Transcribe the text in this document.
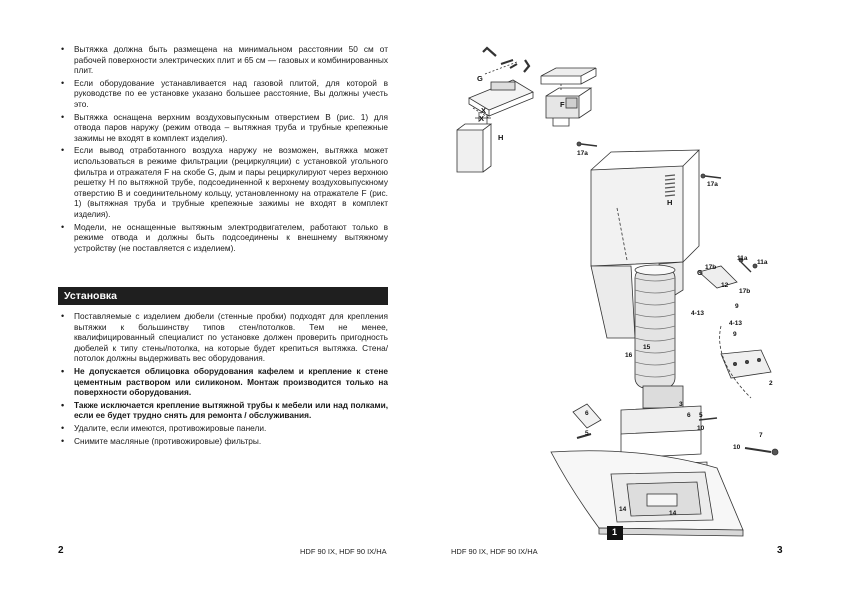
• Вытяжка должна быть размещена на минимальном расстоянии 50 см от рабочей поверхности электрических плит и 65 см — газовых и комбинированных плит.
• Если оборудование устанавливается над газовой плитой, для которой в руководстве по ее установке указано большее расстояние, Вы должны учесть это.
• Вытяжка оснащена верхним воздуховыпускным отверстием B (рис. 1) для отвода паров наружу (режим отвода – вытяжная труба и трубные крепежные зажимы не входят в комплект изделия).
• Если вывод отработанного воздуха наружу не возможен, вытяжка может использоваться в режиме фильтрации (рециркуляции) с установкой угольного фильтра и отражателя F на скобе G, дым и пары рециркулируют через верхнюю решетку H по вытяжной трубе, подсоединенной к верхнему воздуховыпускному отверстию B и соединительному кольцу, установленному на отражателе F (рис. 1) (вытяжная труба и трубные крепежные зажимы не входят в комплект изделия).
• Модели, не оснащенные вытяжным электродвигателем, работают только в режиме отвода и должны быть подсоединены к внешнему вытяжному устройству (не поставляется с изделием).
Установка
• Поставляемые с изделием дюбели (стенные пробки) подходят для крепления вытяжки к большинству типов стен/потолков. Тем не менее, квалифицированный специалист по установке должен проверить пригодность дюбелей к типу стены/потолка, на которые будет крепиться вытяжка. Стена/потолок должны выдерживать вес оборудования.
• Не допускается облицовка оборудования кафелем и крепление к стене цементным раствором или силиконом. Монтаж производится только на поверхности оборудования.
• Также исключается крепление вытяжной трубы к мебели или над полками, если ее будет трудно снять для ремонта / обслуживания.
• Удалите, если имеются, противожировые панели.
• Снимите масляные (противожировые) фильтры.
2	HDF 90 IX, HDF 90 IX/HA
G
X
F
X
H
17a
17a
H
G
17b
17b
11a
11a
12
4-13
4-13
9
9
2
16
15
3
6	6
5
5
10
10
7
14
14
1
HDF 90 IX, HDF 90 IX/HA	3
